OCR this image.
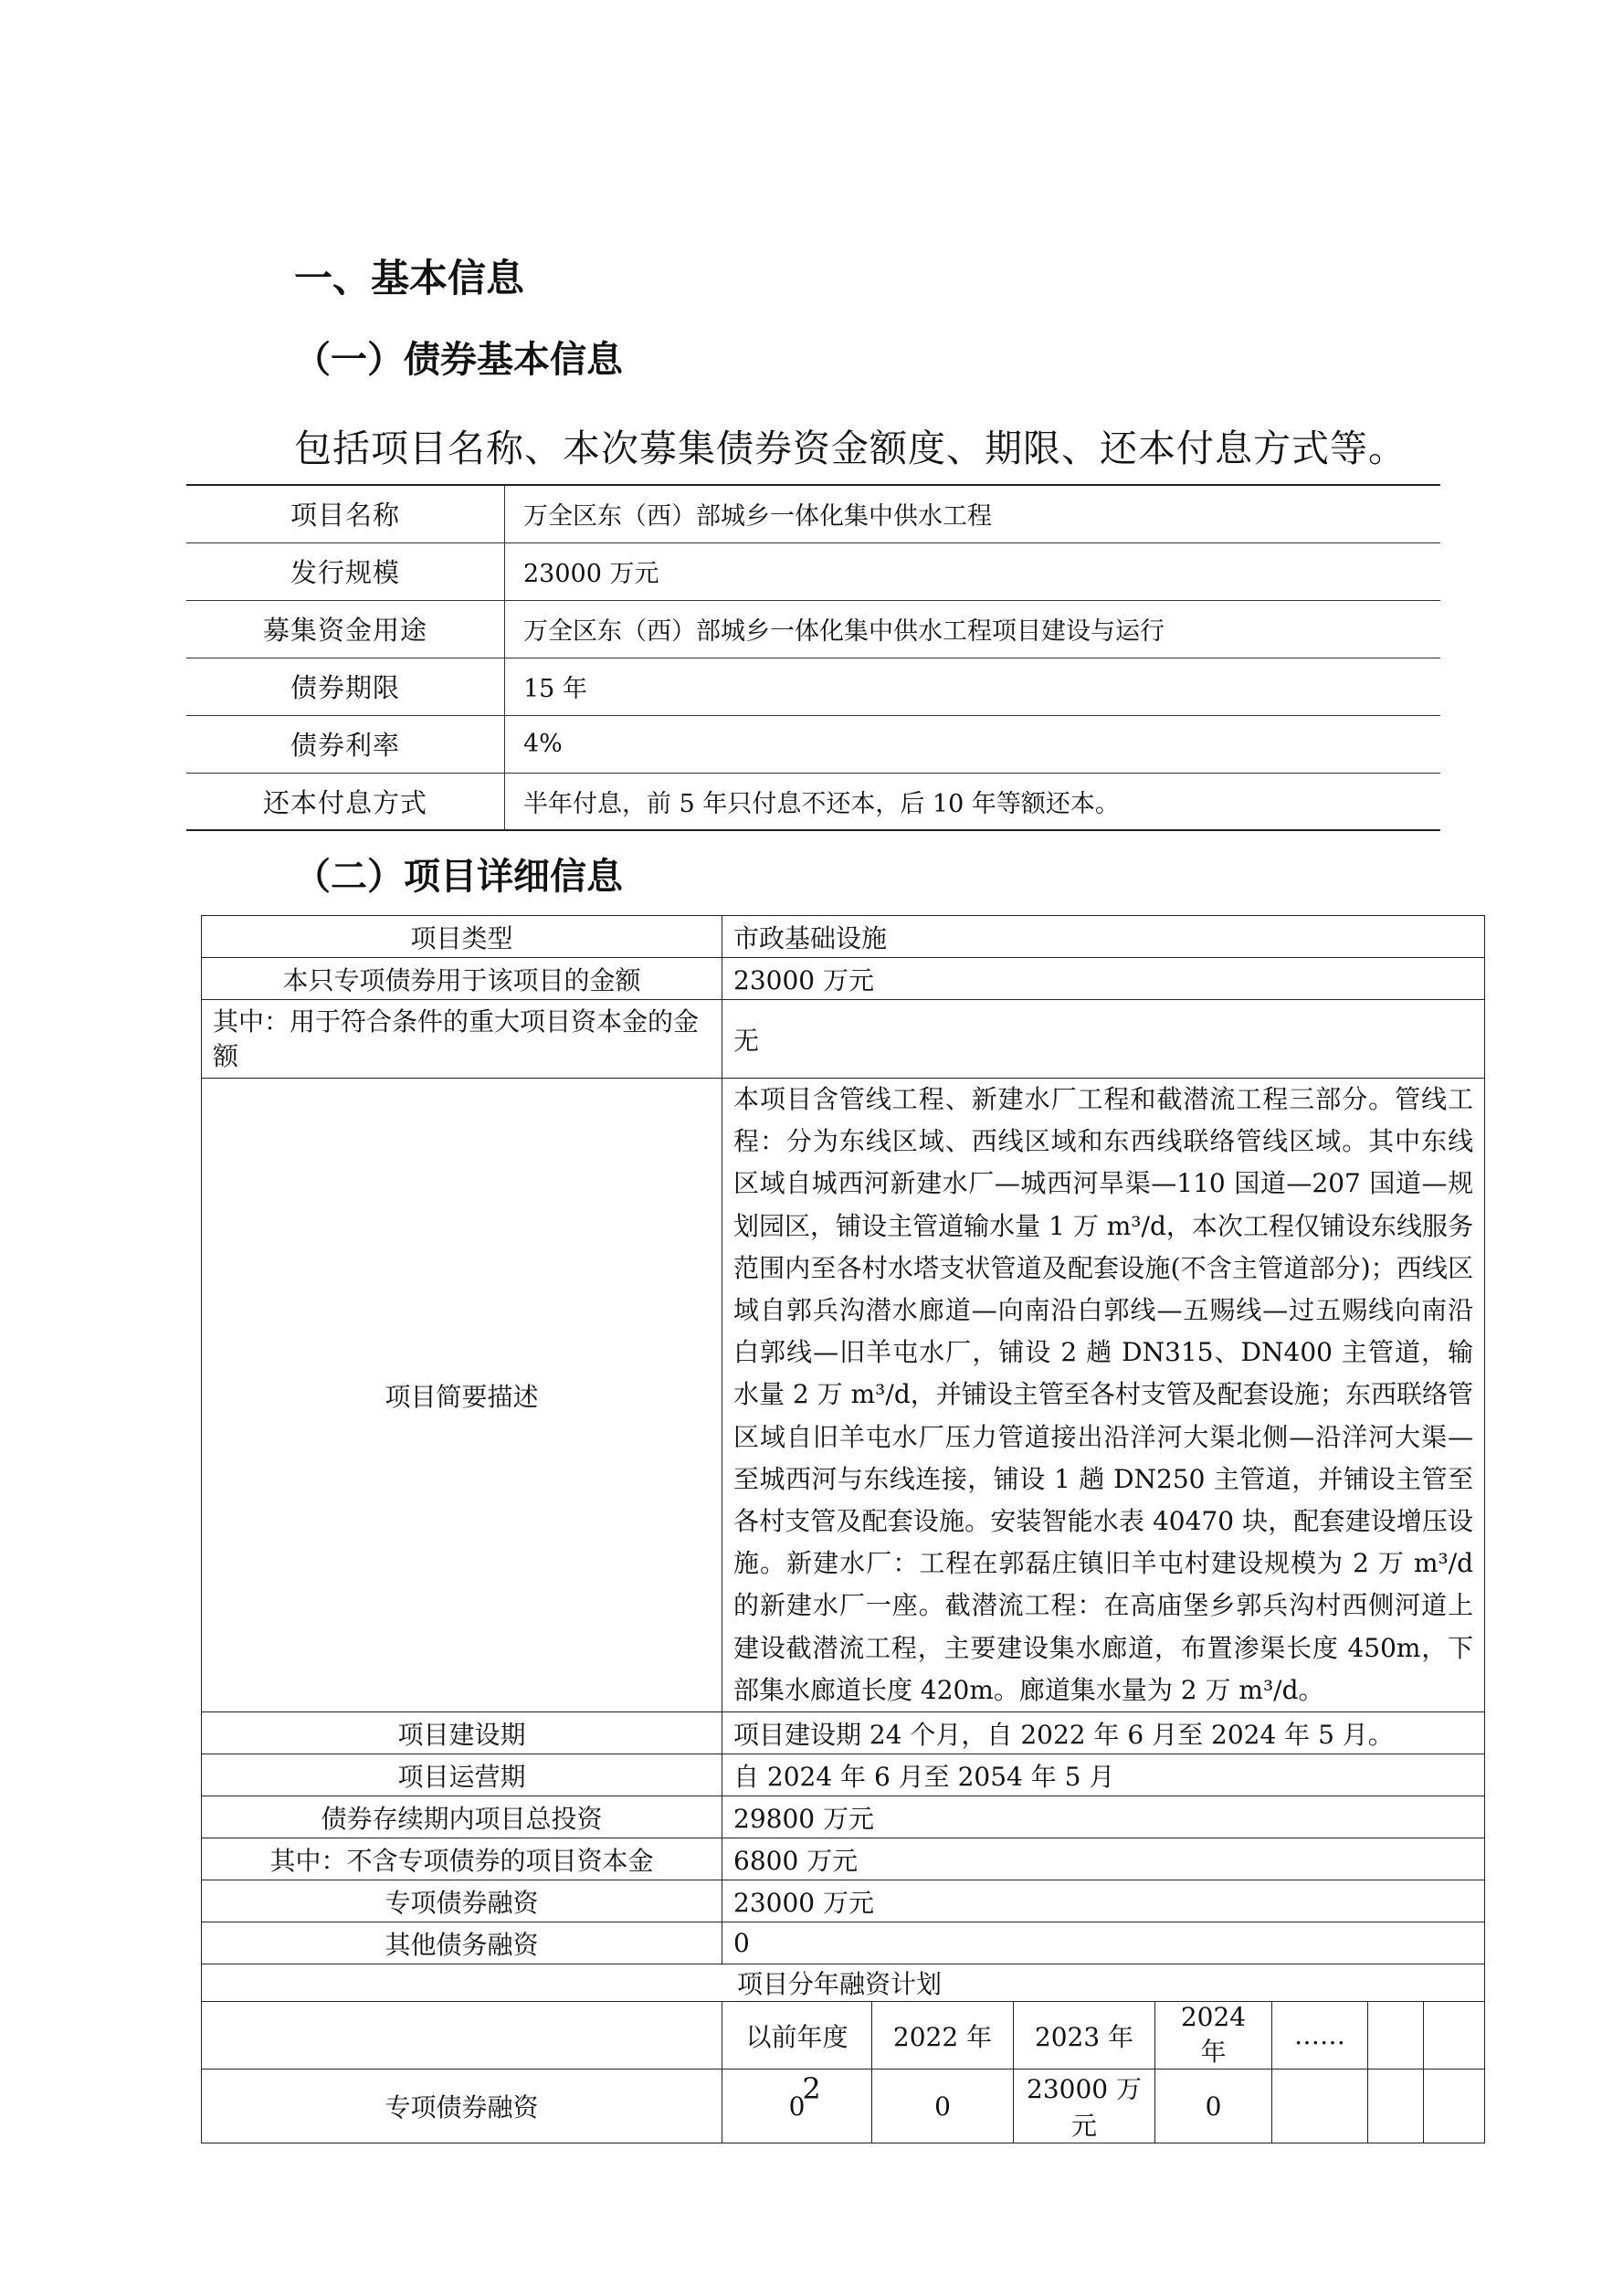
一、基本信息
（一）债券基本信息
包括项目名称、本次募集债券资金额度、期限、还本付息方式等。
项目名称	万全区东（西）部城乡一体化集中供水工程
发行规模	23000 万元
募集资金用途	万全区东（西）部城乡一体化集中供水工程项目建设与运行
债券期限	15 年
债券利率	4%
还本付息方式	半年付息，前 5 年只付息不还本，后 10 年等额还本。
（二）项目详细信息
项目类型	市政基础设施						
本只专项债券用于该项目的金额	23000 万元						
其中：用于符合条件的重大项目资本金的金额	无						
项目简要描述	本项目含管线工程、新建水厂工程和截潜流工程三部分。管线工程：分为东线区域、西线区域和东西线联络管线区域。其中东线区域自城西河新建水厂—城西河旱渠—110 国道—207 国道—规划园区，铺设主管道输水量 1 万 m³/d，本次工程仅铺设东线服务范围内至各村水塔支状管道及配套设施(不含主管道部分)；西线区域自郭兵沟潜水廊道—向南沿白郭线—五赐线—过五赐线向南沿白郭线—旧羊屯水厂，铺设 2 趟 DN315、DN400 主管道，输水量 2 万 m³/d，并铺设主管至各村支管及配套设施；东西联络管区域自旧羊屯水厂压力管道接出沿洋河大渠北侧—沿洋河大渠—至城西河与东线连接，铺设 1 趟 DN250 主管道，并铺设主管至各村支管及配套设施。安装智能水表 40470 块，配套建设增压设施。新建水厂：工程在郭磊庄镇旧羊屯村建设规模为 2 万 m³/d 的新建水厂一座。截潜流工程：在高庙堡乡郭兵沟村西侧河道上建设截潜流工程，主要建设集水廊道，布置渗渠长度 450m，下部集水廊道长度 420m。廊道集水量为 2 万 m³/d。						
项目建设期	项目建设期 24 个月，自 2022 年 6 月至 2024 年 5 月。						
项目运营期	自 2024 年 6 月至 2054 年 5 月						
债券存续期内项目总投资	29800 万元						
其中：不含专项债券的项目资本金	6800 万元						
专项债券融资	23000 万元						
其他债务融资	0						
项目分年融资计划							
	以前年度	2022 年	2023 年	2024 年	……		
专项债券融资	0	0	23000 万元	0			
2
